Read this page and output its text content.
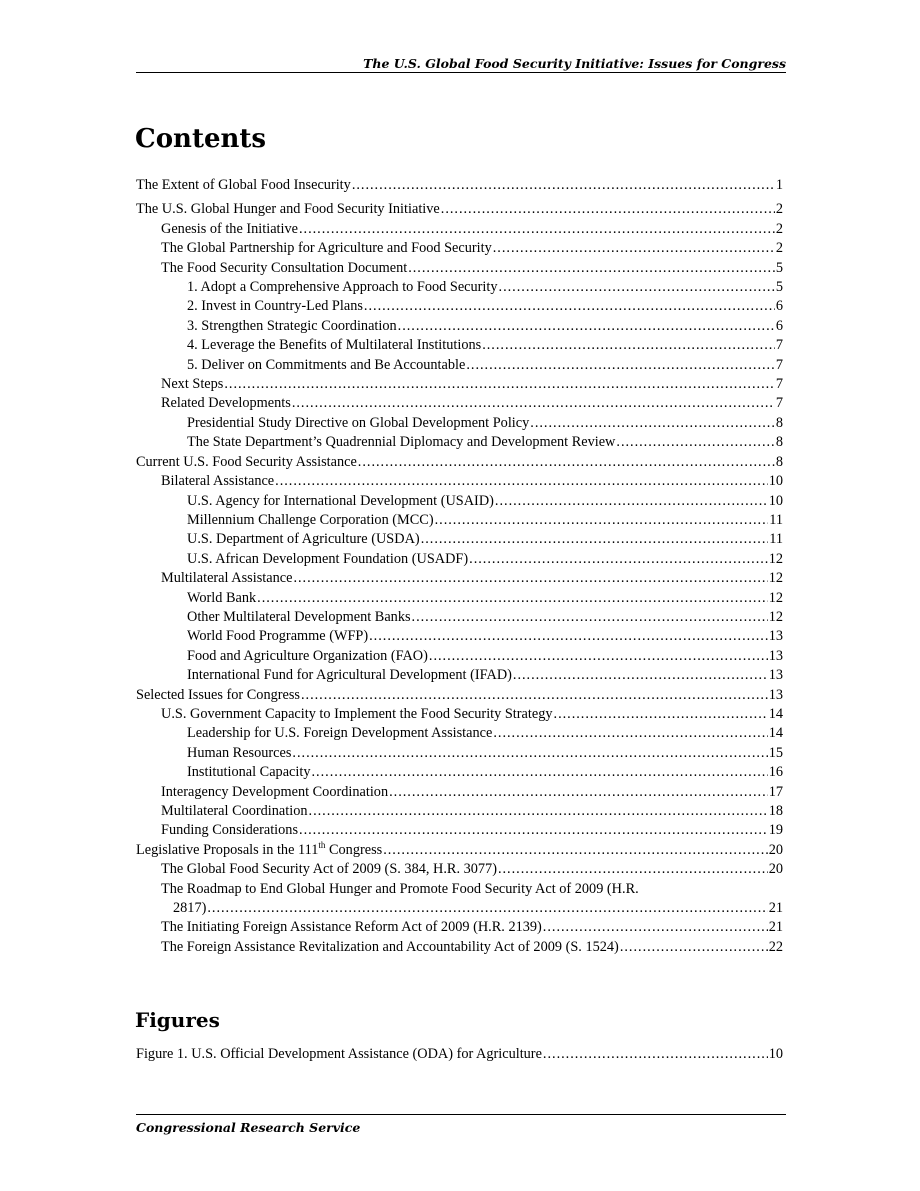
The U.S. Global Food Security Initiative: Issues for Congress
Contents
The Extent of Global Food Insecurity . . .	1
The U.S. Global Hunger and Food Security Initiative . . .	2
Genesis of the Initiative . . .	2
The Global Partnership for Agriculture and Food Security . . .	2
The Food Security Consultation Document . . .	5
1. Adopt a Comprehensive Approach to Food Security . . .	5
2. Invest in Country-Led Plans . . .	6
3. Strengthen Strategic Coordination . . .	6
4. Leverage the Benefits of Multilateral Institutions . . .	7
5. Deliver on Commitments and Be Accountable . . .	7
Next Steps . . .	7
Related Developments . . .	7
Presidential Study Directive on Global Development Policy . . .	8
The State Department’s Quadrennial Diplomacy and Development Review . . .	8
Current U.S. Food Security Assistance . . .	8
Bilateral Assistance . . .	10
U.S. Agency for International Development (USAID) . . .	10
Millennium Challenge Corporation (MCC) . . .	11
U.S. Department of Agriculture (USDA) . . .	11
U.S. African Development Foundation (USADF) . . .	12
Multilateral Assistance . . .	12
World Bank . . .	12
Other Multilateral Development Banks . . .	12
World Food Programme (WFP) . . .	13
Food and Agriculture Organization (FAO) . . .	13
International Fund for Agricultural Development (IFAD) . . .	13
Selected Issues for Congress . . .	13
U.S. Government Capacity to Implement the Food Security Strategy . . .	14
Leadership for U.S. Foreign Development Assistance . . .	14
Human Resources . . .	15
Institutional Capacity . . .	16
Interagency Development Coordination . . .	17
Multilateral Coordination . . .	18
Funding Considerations . . .	19
Legislative Proposals in the 111th Congress . . .	20
The Global Food Security Act of 2009 (S. 384, H.R. 3077) . . .	20
The Roadmap to End Global Hunger and Promote Food Security Act of 2009 (H.R.
2817) . . .	21
The Initiating Foreign Assistance Reform Act of 2009 (H.R. 2139) . . .	21
The Foreign Assistance Revitalization and Accountability Act of 2009 (S. 1524) . . .	22
Figures
Figure 1. U.S. Official Development Assistance (ODA) for Agriculture . . .	10
Congressional Research Service
